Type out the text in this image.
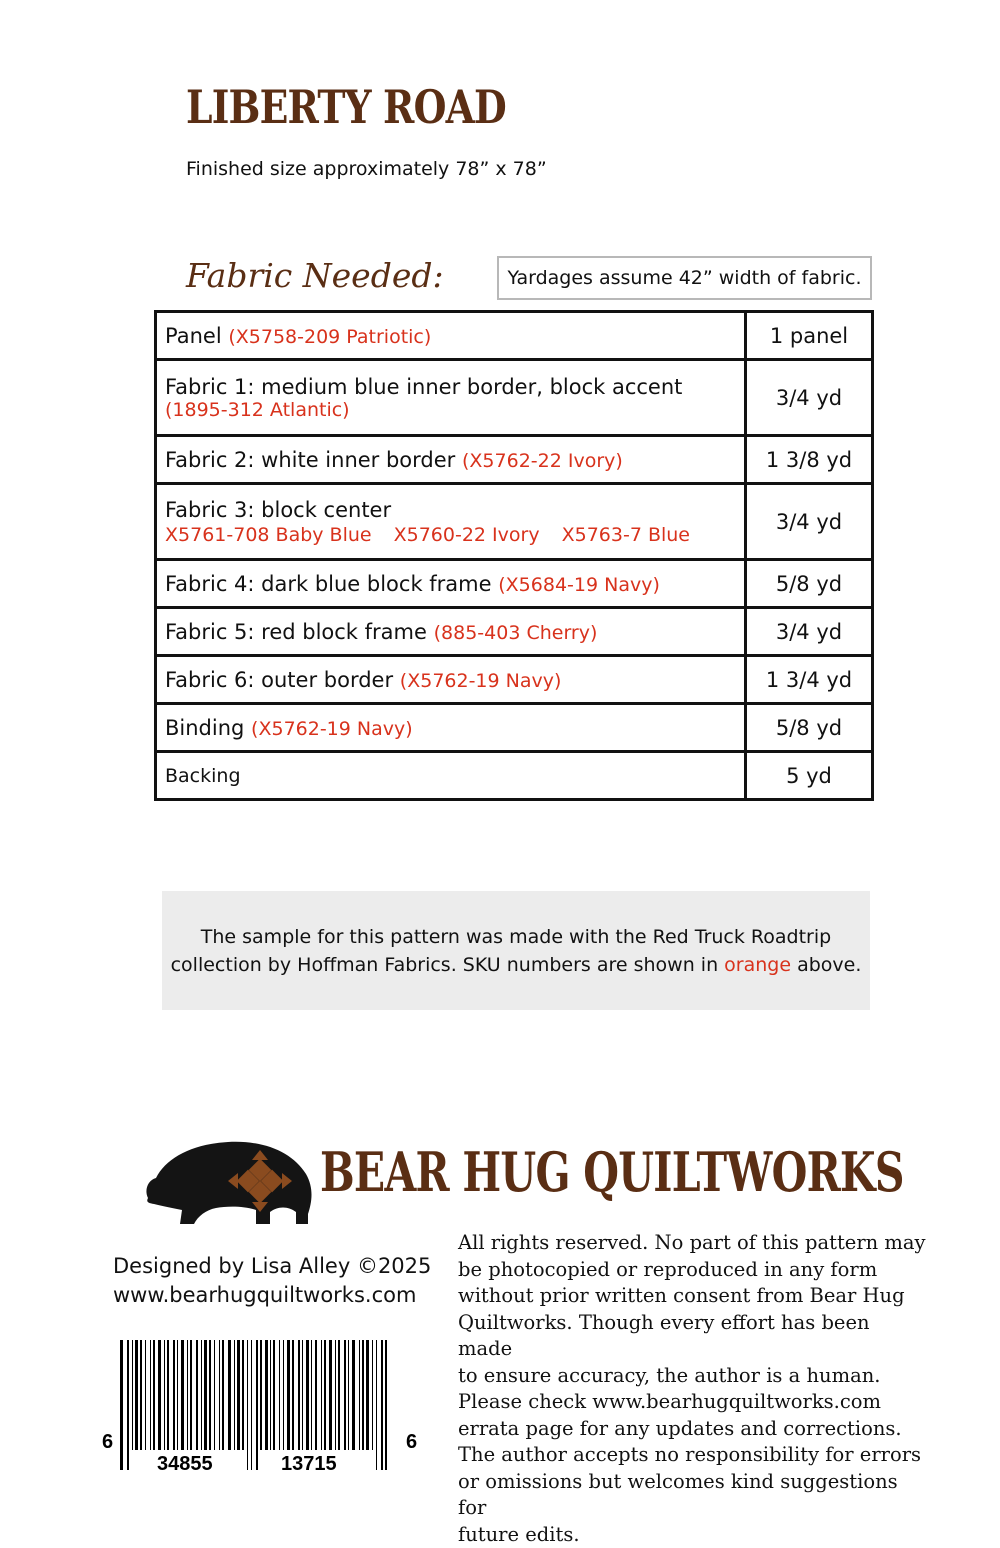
LIBERTY ROAD
Finished size approximately 78” x 78”
Fabric Needed:	Yardages assume 42” width of fabric.
Panel (X5758-209 Patriotic)	1 panel

Fabric 1: medium blue inner border, block accent
(1895-312 Atlantic)	3/4 yd
Fabric 2: white inner border (X5762-22 Ivory)	1 3/8 yd

Fabric 3: block center
X5761-708 Baby Blue X5760-22 Ivory X5763-7 Blue	3/4 yd
Fabric 4: dark blue block frame (X5684-19 Navy)	5/8 yd
Fabric 5: red block frame (885-403 Cherry)	3/4 yd
Fabric 6: outer border (X5762-19 Navy)	1 3/4 yd
Binding (X5762-19 Navy)	5/8 yd
Backing	5 yd
The sample for this pattern was made with the Red Truck Roadtrip
collection by Hoffman Fabrics. SKU numbers are shown in orange above.
BEAR HUG QUILTWORKS
Designed by Lisa Alley ©2025
www.bearhugquiltworks.com
All rights reserved. No part of this pattern may
be photocopied or reproduced in any form
without prior written consent from Bear Hug
Quiltworks. Though every effort has been made
to ensure accuracy, the author is a human.
Please check www.bearhugquiltworks.com
errata page for any updates and corrections.
The author accepts no responsibility for errors
or omissions but welcomes kind suggestions for
future edits.
6
34855	13715
6
